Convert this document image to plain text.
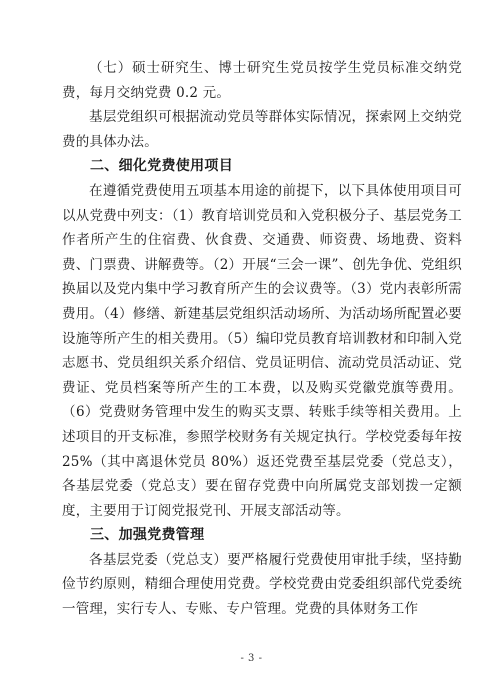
（七）硕士研究生、博士研究生党员按学生党员标准交纳党费，每月交纳党费 0.2 元。

基层党组织可根据流动党员等群体实际情况，探索网上交纳党费的具体办法。

二、细化党费使用项目

在遵循党费使用五项基本用途的前提下，以下具体使用项目可以从党费中列支：（1）教育培训党员和入党积极分子、基层党务工作者所产生的住宿费、伙食费、交通费、师资费、场地费、资料费、门票费、讲解费等。（2）开展“三会一课”、创先争优、党组织换届以及党内集中学习教育所产生的会议费等。（3）党内表彰所需费用。（4）修缮、新建基层党组织活动场所、为活动场所配置必要设施等所产生的相关费用。（5）编印党员教育培训教材和印制入党志愿书、党员组织关系介绍信、党员证明信、流动党员活动证、党费证、党员档案等所产生的工本费，以及购买党徽党旗等费用。（6）党费财务管理中发生的购买支票、转账手续等相关费用。上述项目的开支标准，参照学校财务有关规定执行。学校党委每年按 25%（其中离退休党员 80%）返还党费至基层党委（党总支），各基层党委（党总支）要在留存党费中向所属党支部划拨一定额度，主要用于订阅党报党刊、开展支部活动等。

三、加强党费管理

各基层党委（党总支）要严格履行党费使用审批手续，坚持勤俭节约原则，精细合理使用党费。学校党费由党委组织部代党委统一管理，实行专人、专账、专户管理。党费的具体财务工作

- 3 -
